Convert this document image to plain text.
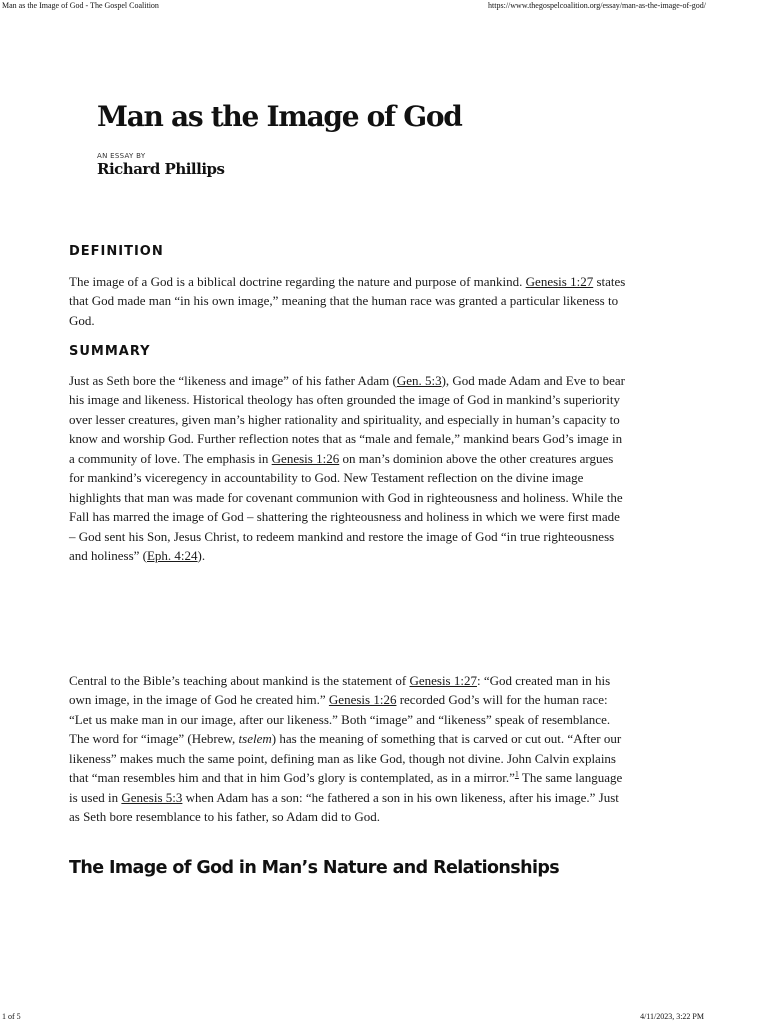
Man as the Image of God - The Gospel Coalition	https://www.thegospelcoalition.org/essay/man-as-the-image-of-god/
Man as the Image of God
AN ESSAY BY
Richard Phillips
DEFINITION

The image of a God is a biblical doctrine regarding the nature and purpose of mankind. Genesis 1:27 states that God made man “in his own image,” meaning that the human race was granted a particular likeness to God.

SUMMARY

Just as Seth bore the “likeness and image” of his father Adam (Gen. 5:3), God made Adam and Eve to bear his image and likeness. Historical theology has often grounded the image of God in mankind’s superiority over lesser creatures, given man’s higher rationality and spirituality, and especially in human’s capacity to know and worship God. Further reflection notes that as “male and female,” mankind bears God’s image in a community of love. The emphasis in Genesis 1:26 on man’s dominion above the other creatures argues for mankind’s viceregency in accountability to God. New Testament reflection on the divine image highlights that man was made for covenant communion with God in righteousness and holiness. While the Fall has marred the image of God – shattering the righteousness and holiness in which we were first made – God sent his Son, Jesus Christ, to redeem mankind and restore the image of God “in true righteousness and holiness” (Eph. 4:24).

Central to the Bible’s teaching about mankind is the statement of Genesis 1:27: “God created man in his own image, in the image of God he created him.” Genesis 1:26 recorded God’s will for the human race: “Let us make man in our image, after our likeness.” Both “image” and “likeness” speak of resemblance. The word for “image” (Hebrew, tselem) has the meaning of something that is carved or cut out. “After our likeness” makes much the same point, defining man as like God, though not divine. John Calvin explains that “man resembles him and that in him God’s glory is contemplated, as in a mirror.”$^1$ The same language is used in Genesis 5:3 when Adam has a son: “he fathered a son in his own likeness, after his image.” Just as Seth bore resemblance to his father, so Adam did to God.

The Image of God in Man’s Nature and Relationships
1 of 5	4/11/2023, 3:22 PM
